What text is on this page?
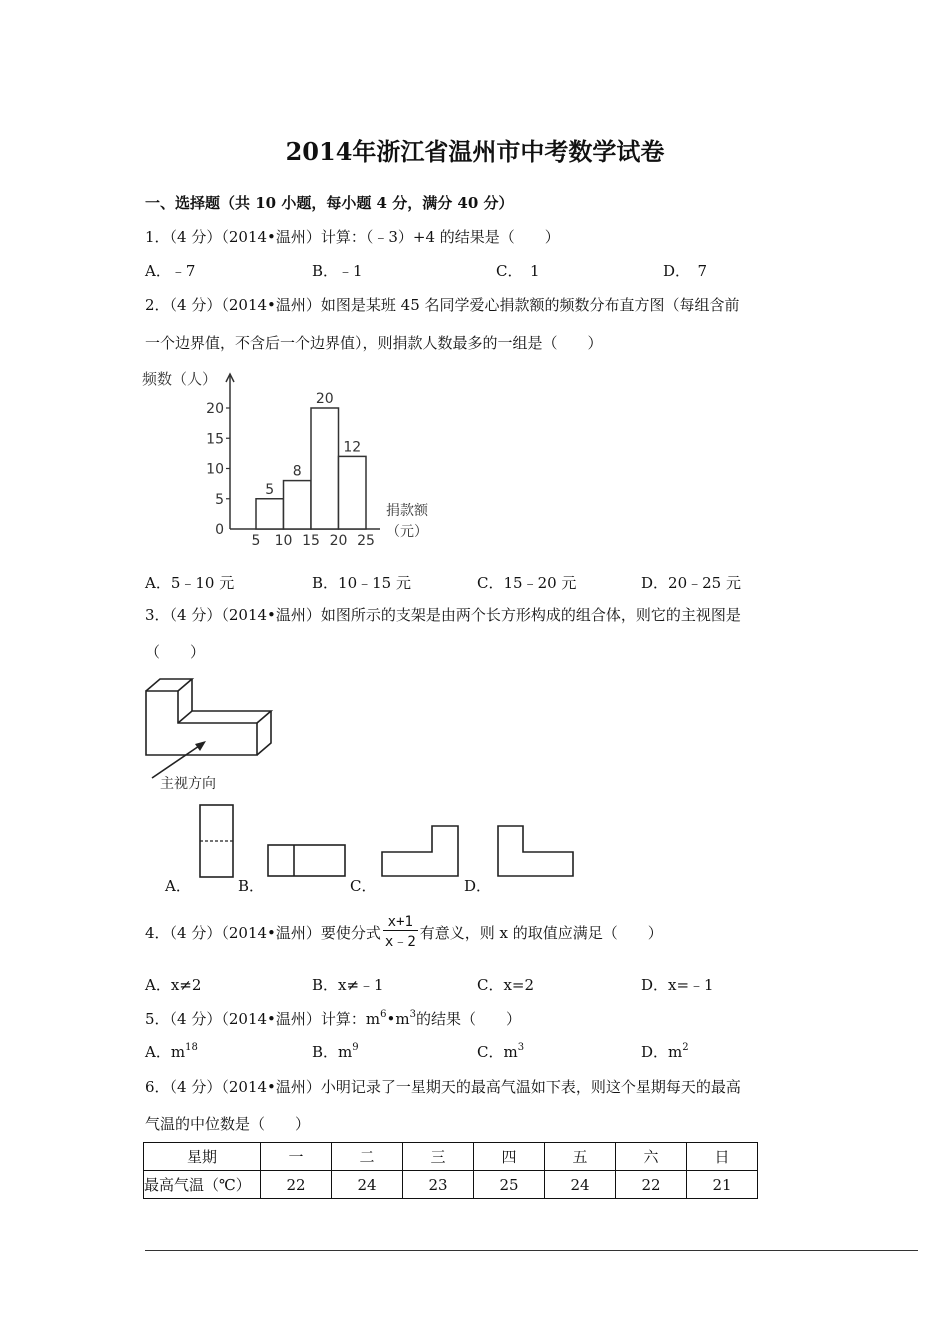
2014年浙江省温州市中考数学试卷
一、选择题（共 10 小题，每小题 4 分，满分 40 分）
1．（4 分）（2014•温州）计算：（﹣3）+4 的结果是（　　）
A．﹣7	B．﹣1	C．　1	D．　7
2．（4 分）（2014•温州）如图是某班 45 名同学爱心捐款额的频数分布直方图（每组含前
一个边界值，不含后一个边界值），则捐款人数最多的一组是（　　）
0
5
10
15
20
5 10 15 20 25
5
8
20
12
频数（人）
捐款额
（元）
A．5﹣10 元	B．10﹣15 元	C．15﹣20 元	D．20﹣25 元
3．（4 分）（2014•温州）如图所示的支架是由两个长方形构成的组合体，则它的主视图是
（　　）
主视方向
A．	B．	C．	D．
4．（4 分）（2014•温州）要使分式 $\frac{x+1}{x﹣2}$ 有意义，则 x 的取值应满足（　　）
A．x≠2	B．x≠﹣1	C．x=2	D．x=﹣1
5．（4 分）（2014•温州）计算：$m^6•m^3$的结果（　　）
A．$m^{18}$	B．$m^9$	C．$m^3$	D．$m^2$
6．（4 分）（2014•温州）小明记录了一星期天的最高气温如下表，则这个星期每天的最高
气温的中位数是（　　）
星期	一	二	三	四	五	六	日
最高气温（℃）	22	24	23	25	24	22	21
